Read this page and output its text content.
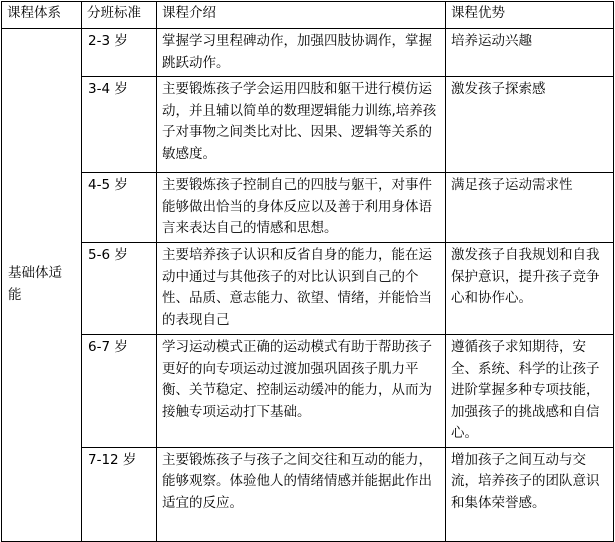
课程体系	分班标准	课程介绍	课程优势
基础体适能	2-3 岁	掌握学习里程碑动作，加强四肢协调作，掌握跳跃动作。	培养运动兴趣
	3-4 岁	主要锻炼孩子学会运用四肢和躯干进行模仿运动，并且辅以简单的数理逻辑能力训练,培养孩子对事物之间类比对比、因果、逻辑等关系的敏感度。	激发孩子探索感
	4-5 岁	主要锻炼孩子控制自己的四肢与躯干，对事件能够做出恰当的身体反应以及善于利用身体语言来表达自己的情感和思想。	满足孩子运动需求性
	5-6 岁	主要培养孩子认识和反省自身的能力，能在运动中通过与其他孩子的对比认识到自己的个性、品质、意志能力、欲望、情绪，并能恰当的表现自己	激发孩子自我规划和自我保护意识，提升孩子竞争心和协作心。
	6-7 岁	学习运动模式正确的运动模式有助于帮助孩子更好的向专项运动过渡加强巩固孩子肌力平衡、关节稳定、控制运动缓冲的能力，从而为接触专项运动打下基础。	遵循孩子求知期待，安全、系统、科学的让孩子进阶掌握多种专项技能，加强孩子的挑战感和自信心。
	7-12 岁	主要锻炼孩子与孩子之间交往和互动的能力，能够观察。体验他人的情绪情感并能据此作出适宜的反应。	增加孩子之间互动与交流，培养孩子的团队意识和集体荣誉感。
